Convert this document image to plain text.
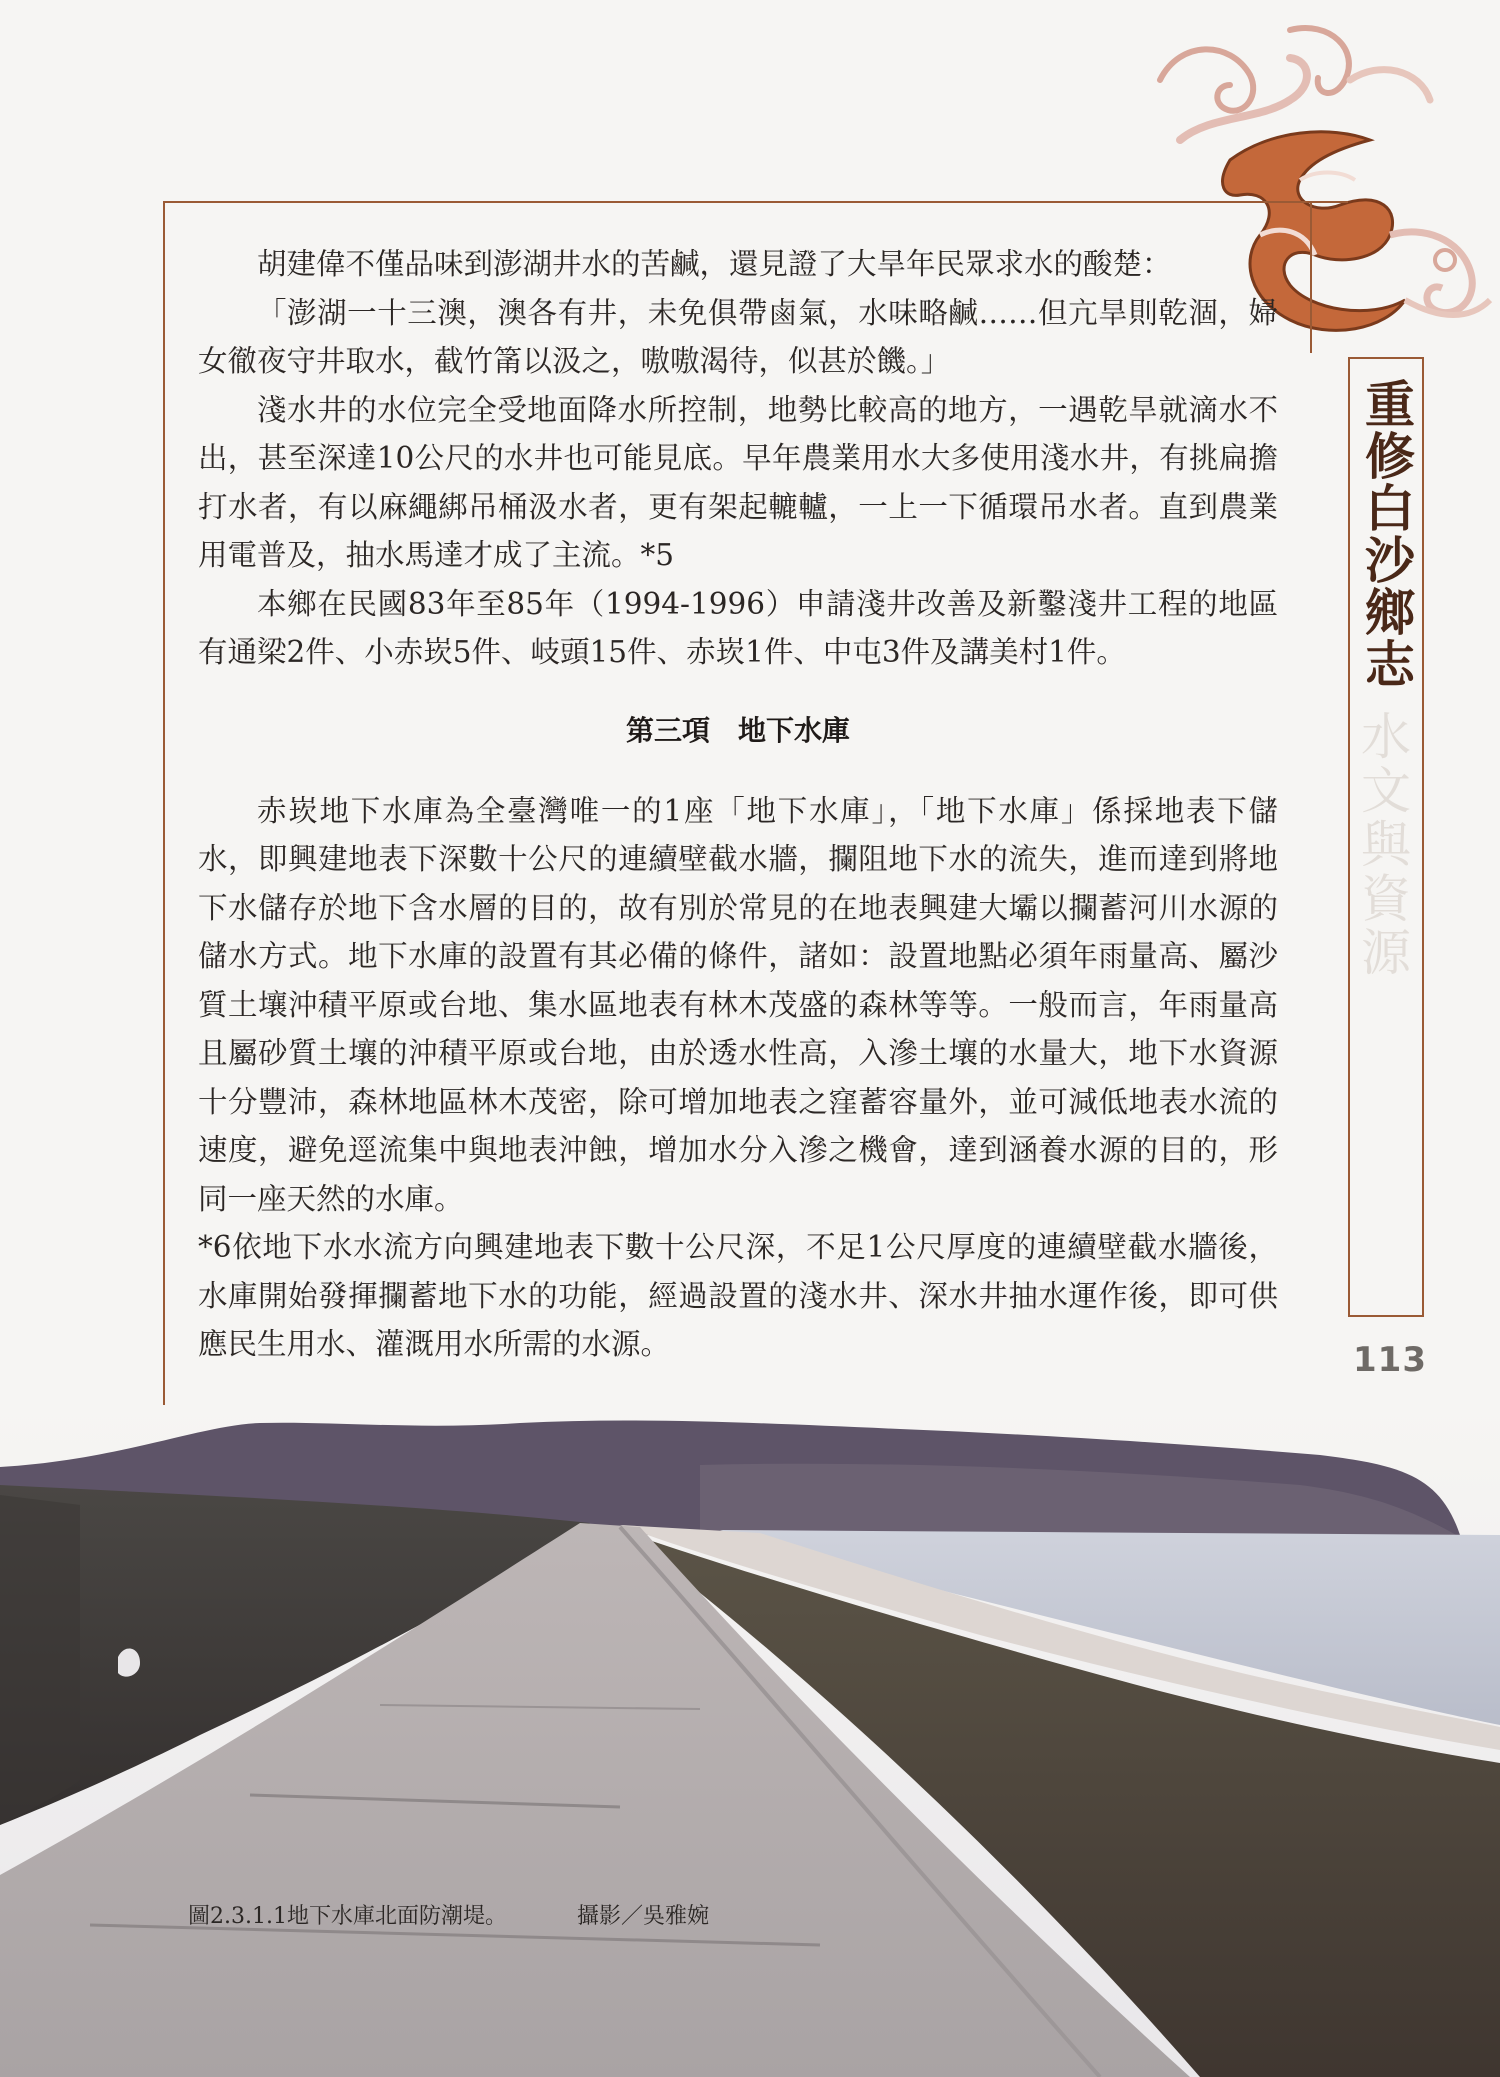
重修白沙鄉志
水文與資源
113

胡建偉不僅品味到澎湖井水的苦鹹，還見證了大旱年民眾求水的酸楚：

「澎湖一十三澳，澳各有井，未免俱帶鹵氣，水味略鹹……但亢旱則乾涸，婦女徹夜守井取水，截竹筩以汲之，嗷嗷渴待，似甚於饑。」

淺水井的水位完全受地面降水所控制，地勢比較高的地方，一遇乾旱就滴水不出，甚至深達10公尺的水井也可能見底。早年農業用水大多使用淺水井，有挑扁擔打水者，有以麻繩綁吊桶汲水者，更有架起轆轤，一上一下循環吊水者。直到農業用電普及，抽水馬達才成了主流。*5

本鄉在民國83年至85年（1994-1996）申請淺井改善及新鑿淺井工程的地區有通梁2件、小赤崁5件、岐頭15件、赤崁1件、中屯3件及講美村1件。

第三項　地下水庫

赤崁地下水庫為全臺灣唯一的1座「地下水庫」，「地下水庫」係採地表下儲水，即興建地表下深數十公尺的連續壁截水牆，攔阻地下水的流失，進而達到將地下水儲存於地下含水層的目的，故有別於常見的在地表興建大壩以攔蓄河川水源的儲水方式。地下水庫的設置有其必備的條件，諸如：設置地點必須年雨量高、屬沙質土壤沖積平原或台地、集水區地表有林木茂盛的森林等等。一般而言，年雨量高且屬砂質土壤的沖積平原或台地，由於透水性高，入滲土壤的水量大，地下水資源十分豐沛，森林地區林木茂密，除可增加地表之窪蓄容量外，並可減低地表水流的速度，避免逕流集中與地表沖蝕，增加水分入滲之機會，達到涵養水源的目的，形同一座天然的水庫。

*6依地下水水流方向興建地表下數十公尺深，不足1公尺厚度的連續壁截水牆後，水庫開始發揮攔蓄地下水的功能，經過設置的淺水井、深水井抽水運作後，即可供應民生用水、灌溉用水所需的水源。

圖2.3.1.1地下水庫北面防潮堤。	攝影／吳雅婉
